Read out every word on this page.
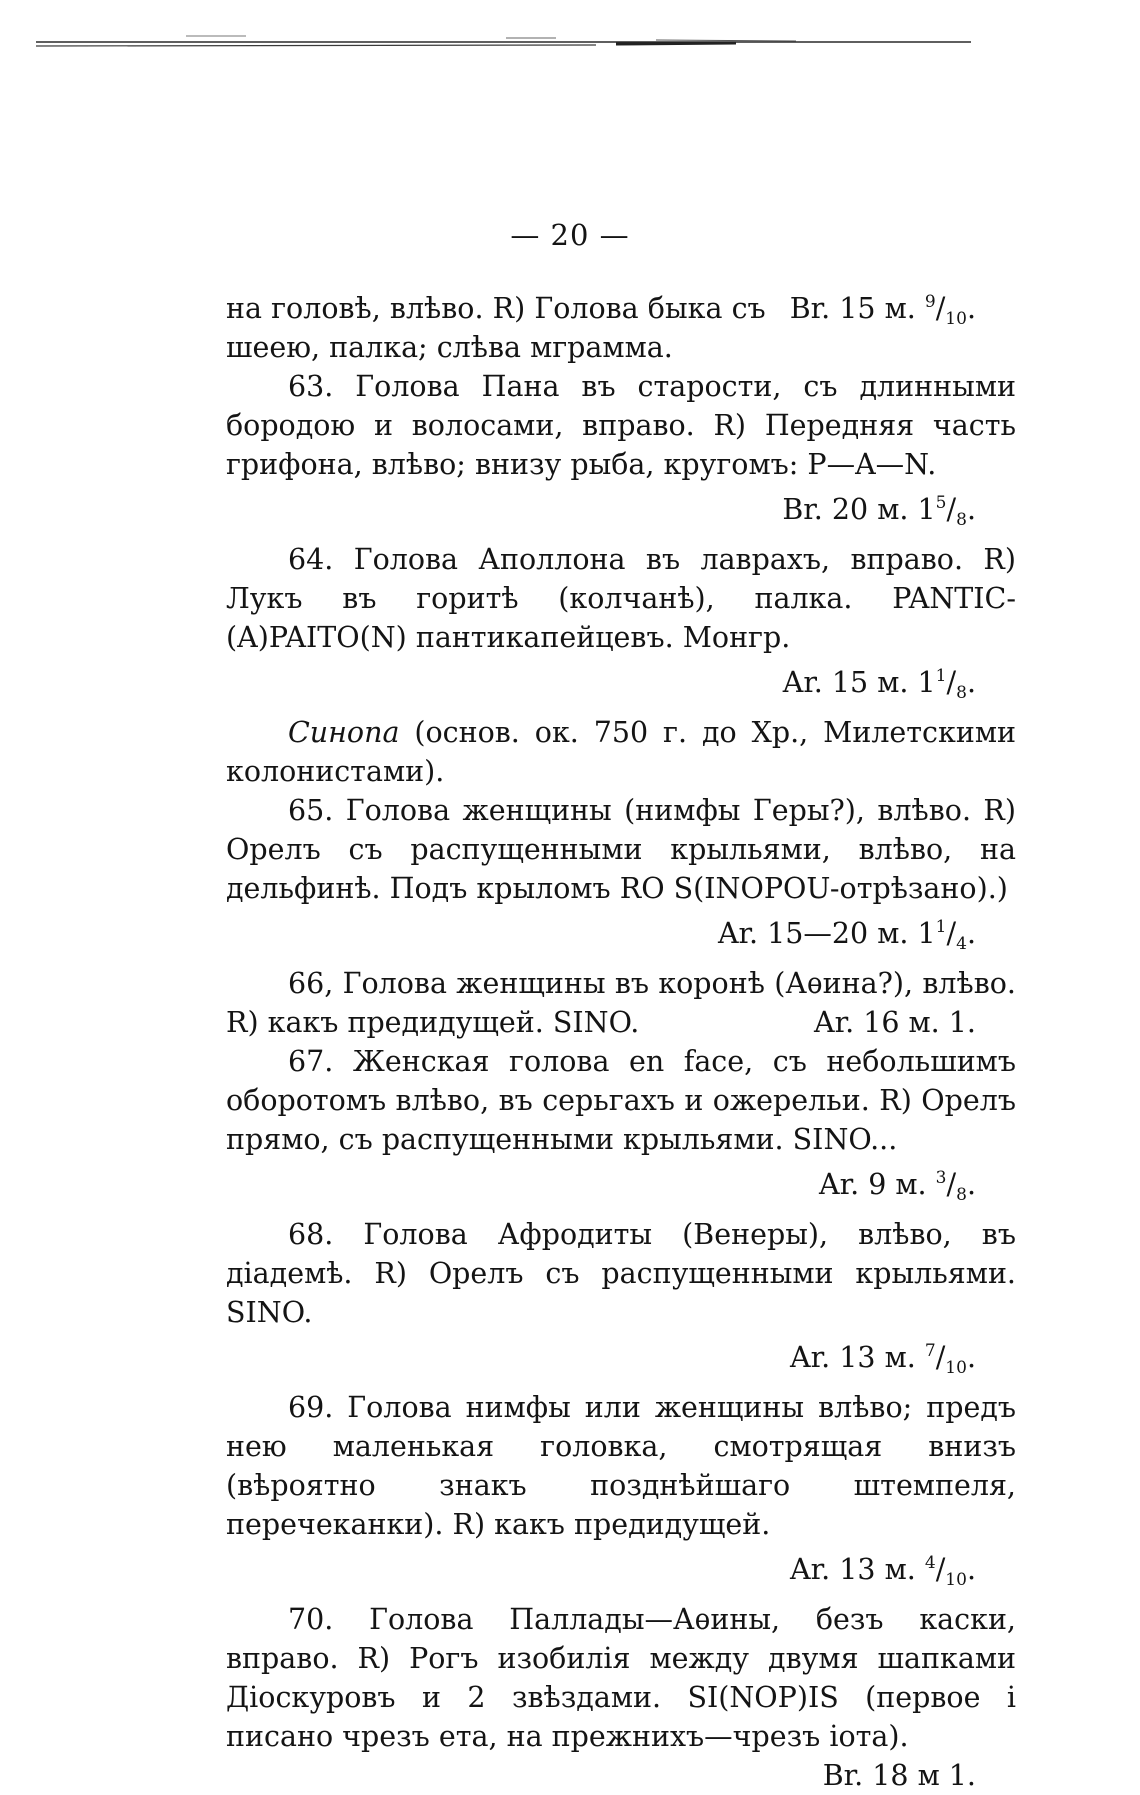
— 20 —
на головѣ, влѣво. R) Голова быка съ шеею, палка; слѣва мграмма.
Br. 15 м. $^9/_{10}$.

63. Голова Пана въ старости, съ длинными бородою и волосами, вправо. R) Передняя часть грифона, влѣво; внизу рыба, кругомъ: Р—A—N.

Br. 20 м. $1^5/_8$.
64. Голова Аполлона въ лаврахъ, вправо. R) Лукъ въ горитѣ (колчанѣ), палка. PANTIC-(A)PAITO(N) пантикапейцевъ. Монгр.
Ar. 15 м. $1^1/_8$.

Синопа (основ. ок. 750 г. до Хр., Милетскими колонистами).

65. Голова женщины (нимфы Геры?), влѣво. R) Орелъ съ распущенными крыльями, влѣво, на дельфинѣ. Подъ крыломъ RO S(INOPOU-отрѣзано).)

Ar. 15—20 м. $1^1/_4$.
66, Голова женщины въ коронѣ (Аѳина?), влѣво. R) какъ предидущей. SINO.	Ar. 16 м. 1.

67. Женская голова en face, съ небольшимъ оборотомъ влѣво, въ серьгахъ и ожерельи. R) Орелъ прямо, съ распущенными крыльями. SINO...

Ar. 9 м. $^3/_8$.

68. Голова Афродиты (Венеры), влѣво, въ діадемѣ. R) Орелъ съ распущенными крыльями. SINO.

Ar. 13 м. $^7/_{10}$.
69. Голова нимфы или женщины влѣво; предъ нею маленькая головка, смотрящая внизъ (вѣроятно знакъ позднѣйшаго штемпеля, перечеканки). R) какъ предидущей.
Ar. 13 м. $^4/_{10}$.
70. Голова Паллады—Аѳины, безъ каски, вправо. R) Рогъ изобилія между двумя шапками Діоскуровъ и 2 звѣздами. SI(NOP)IS (первое і писано чрезъ ета, на прежнихъ—чрезъ іота).
Br. 18 м 1.
